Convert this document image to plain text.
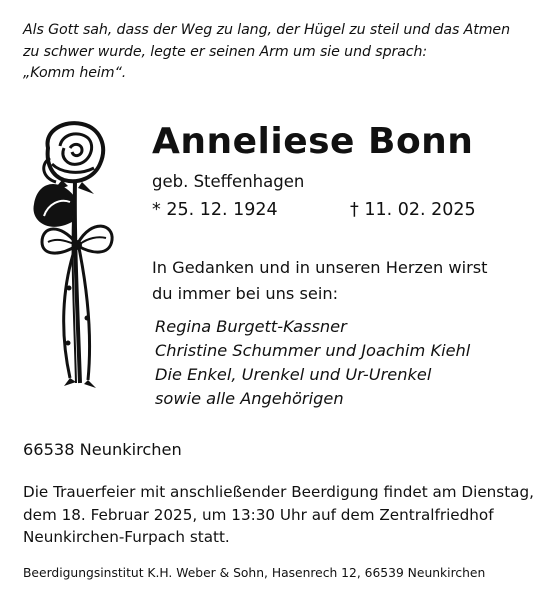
Als Gott sah, dass der Weg zu lang, der Hügel zu steil und das Atmen
zu schwer wurde, legte er seinen Arm um sie und sprach:
„Komm heim“.
Anneliese Bonn
geb. Steffenhagen
* 25. 12. 1924	† 11. 02. 2025
In Gedanken und in unseren Herzen wirst
du immer bei uns sein:
Regina Burgett-Kassner
Christine Schummer und Joachim Kiehl
Die Enkel, Urenkel und Ur-Urenkel
sowie alle Angehörigen
66538 Neunkirchen
Die Trauerfeier mit anschließender Beerdigung findet am Dienstag,
dem 18. Februar 2025, um 13:30 Uhr auf dem Zentralfriedhof
Neunkirchen-Furpach statt.
Beerdigungsinstitut K.H. Weber & Sohn, Hasenrech 12, 66539 Neunkirchen
